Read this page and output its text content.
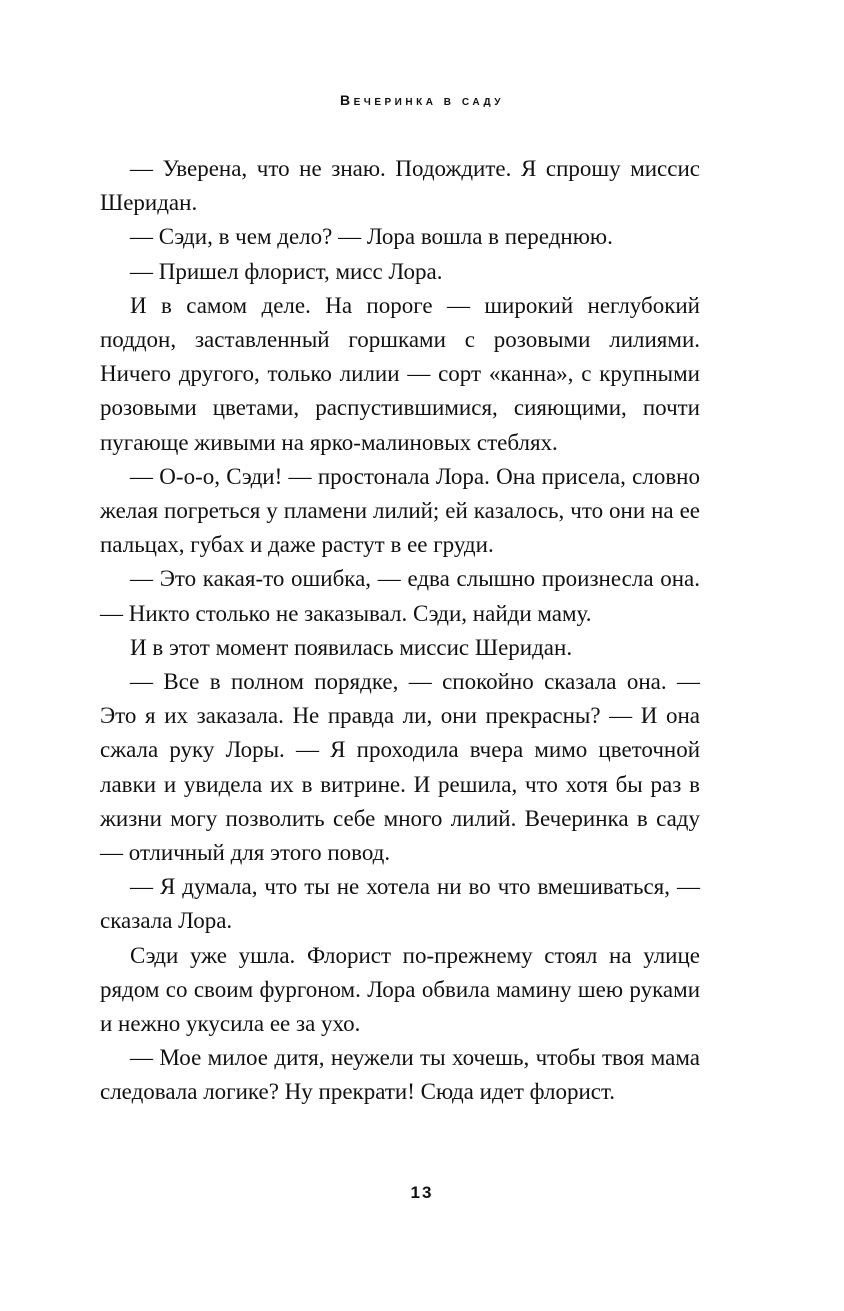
Вечеринка в саду

— Уверена, что не знаю. Подождите. Я спрошу миссис Шеридан.

— Сэди, в чем дело? — Лора вошла в переднюю.

— Пришел флорист, мисс Лора.

И в самом деле. На пороге — широкий неглубокий поддон, заставленный горшками с розовыми лилиями. Ничего другого, только лилии — сорт «канна», с крупными розовыми цветами, распустившимися, сияющими, почти пугающе живыми на ярко-малиновых стеблях.

— О-о-о, Сэди! — простонала Лора. Она присела, словно желая погреться у пламени лилий; ей казалось, что они на ее пальцах, губах и даже растут в ее груди.

— Это какая-то ошибка, — едва слышно произнесла она. — Никто столько не заказывал. Сэди, найди маму.

И в этот момент появилась миссис Шеридан.

— Все в полном порядке, — спокойно сказала она. — Это я их заказала. Не правда ли, они прекрасны? — И она сжала руку Лоры. — Я проходила вчера мимо цветочной лавки и увидела их в витрине. И решила, что хотя бы раз в жизни могу позволить себе много лилий. Вечеринка в саду — отличный для этого повод.

— Я думала, что ты не хотела ни во что вмешиваться, — сказала Лора.

Сэди уже ушла. Флорист по-прежнему стоял на улице рядом со своим фургоном. Лора обвила мамину шею руками и нежно укусила ее за ухо.

— Мое милое дитя, неужели ты хочешь, чтобы твоя мама следовала логике? Ну прекрати! Сюда идет флорист.

13
